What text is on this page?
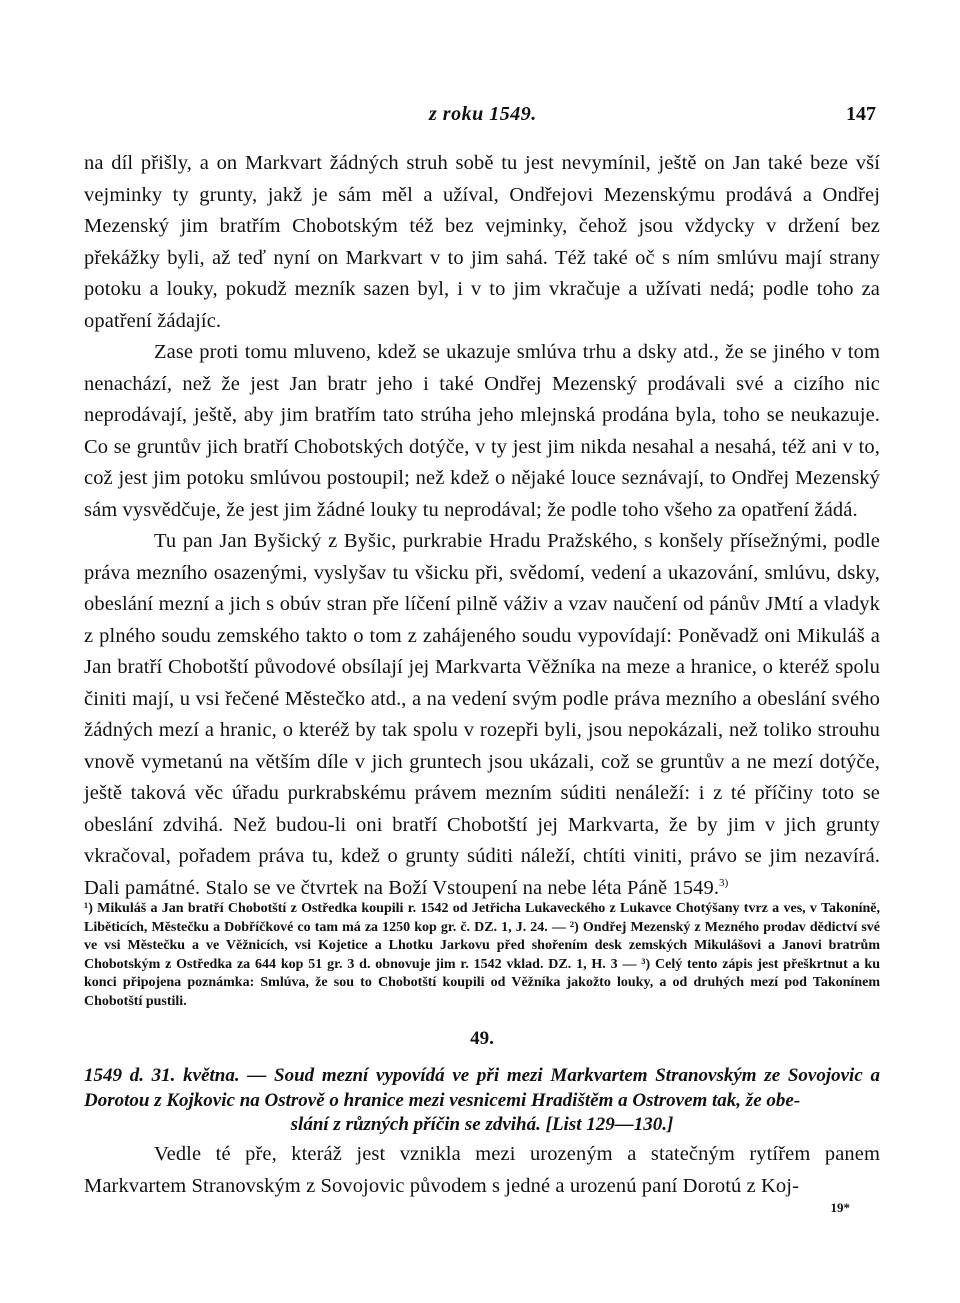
z roku 1549.	147

na díl přišly, a on Markvart žádných struh sobě tu jest nevymínil, ještě on Jan také beze vší vejminky ty grunty, jakž je sám měl a užíval, Ondřejovi Mezenskýmu prodává a Ondřej Mezenský jim bratřím Chobotským též bez vejminky, čehož jsou vždycky v držení bez překážky byli, až teď nyní on Markvart v to jim sahá. Též také oč s ním smlúvu mají strany potoku a louky, pokudž mezník sazen byl, i v to jim vkračuje a užívati nedá; podle toho za opatření žádajíc.

Zase proti tomu mluveno, kdež se ukazuje smlúva trhu a dsky atd., že se jiného v tom nenachází, než že jest Jan bratr jeho i také Ondřej Mezenský prodávali své a cizího nic neprodávají, ještě, aby jim bratřím tato strúha jeho mlejnská prodána byla, toho se neukazuje. Co se gruntův jich bratří Chobotských dotýče, v ty jest jim nikda nesahal a nesahá, též ani v to, což jest jim potoku smlúvou postoupil; než kdež o nějaké louce seznávají, to Ondřej Mezenský sám vysvědčuje, že jest jim žádné louky tu neprodával; že podle toho všeho za opatření žádá.

Tu pan Jan Byšický z Byšic, purkrabie Hradu Pražského, s konšely přísežnými, podle práva mezního osazenými, vyslyšav tu všicku při, svědomí, vedení a ukazování, smlúvu, dsky, obeslání mezní a jich s obúv stran pře líčení pilně váživ a vzav naučení od pánův JMtí a vladyk z plného soudu zemského takto o tom z zahájeného soudu vypovídají: Poněvadž oni Mikuláš a Jan bratří Chobotští původové obsílají jej Markvarta Věžníka na meze a hranice, o kteréž spolu činiti mají, u vsi řečené Městečko atd., a na vedení svým podle práva mezního a obeslání svého žádných mezí a hranic, o kteréž by tak spolu v rozepři byli, jsou nepokázali, než toliko strouhu vnově vymetanú na větším díle v jich gruntech jsou ukázali, což se gruntův a ne mezí dotýče, ještě taková věc úřadu purkrabskému právem mezním súditi nenáleží: i z té příčiny toto se obeslání zdvihá. Než budou-li oni bratří Chobotští jej Markvarta, že by jim v jich grunty vkračoval, pořadem práva tu, kdež o grunty súditi náleží, chtíti viniti, právo se jim nezavírá. Dali památné. Stalo se ve čtvrtek na Boží Vstoupení na nebe léta Páně 1549.$^{3)}$

¹) Mikuláš a Jan bratří Chobotští z Ostředka koupili r. 1542 od Jetřicha Lukaveckého z Lukavce Chotýšany tvrz a ves, v Takoníně, Liběticích, Městečku a Dobříčkové co tam má za 1250 kop gr. č. DZ. 1, J. 24. — ²) Ondřej Mezenský z Mezného prodav dědictví své ve vsi Městečku a ve Věžnicích, vsi Kojetice a Lhotku Jarkovu před shořením desk zemských Mikulášovi a Janovi bratrům Chobotským z Ostředka za 644 kop 51 gr. 3 d. obnovuje jim r. 1542 vklad. DZ. 1, H. 3 — ³) Celý tento zápis jest přeškrtnut a ku konci připojena poznámka: Smlúva, že sou to Chobotští koupili od Věžníka jakožto louky, a od druhých mezí pod Takonínem Chobotští pustili.

49.
1549 d. 31. května. — Soud mezní vypovídá ve při mezi Markvartem Stranovským ze Sovojovic a Dorotou z Kojkovic na Ostrově o hranice mezi vesnicemi Hradištěm a Ostrovem tak, že obe-
slání z různých příčin se zdvihá. [List 129—130.]

Vedle té pře, kteráž jest vznikla mezi urozeným a statečným rytířem panem Markvartem Stranovským z Sovojovic původem s jedné a urozenú paní Dorotú z Koj-

19*
